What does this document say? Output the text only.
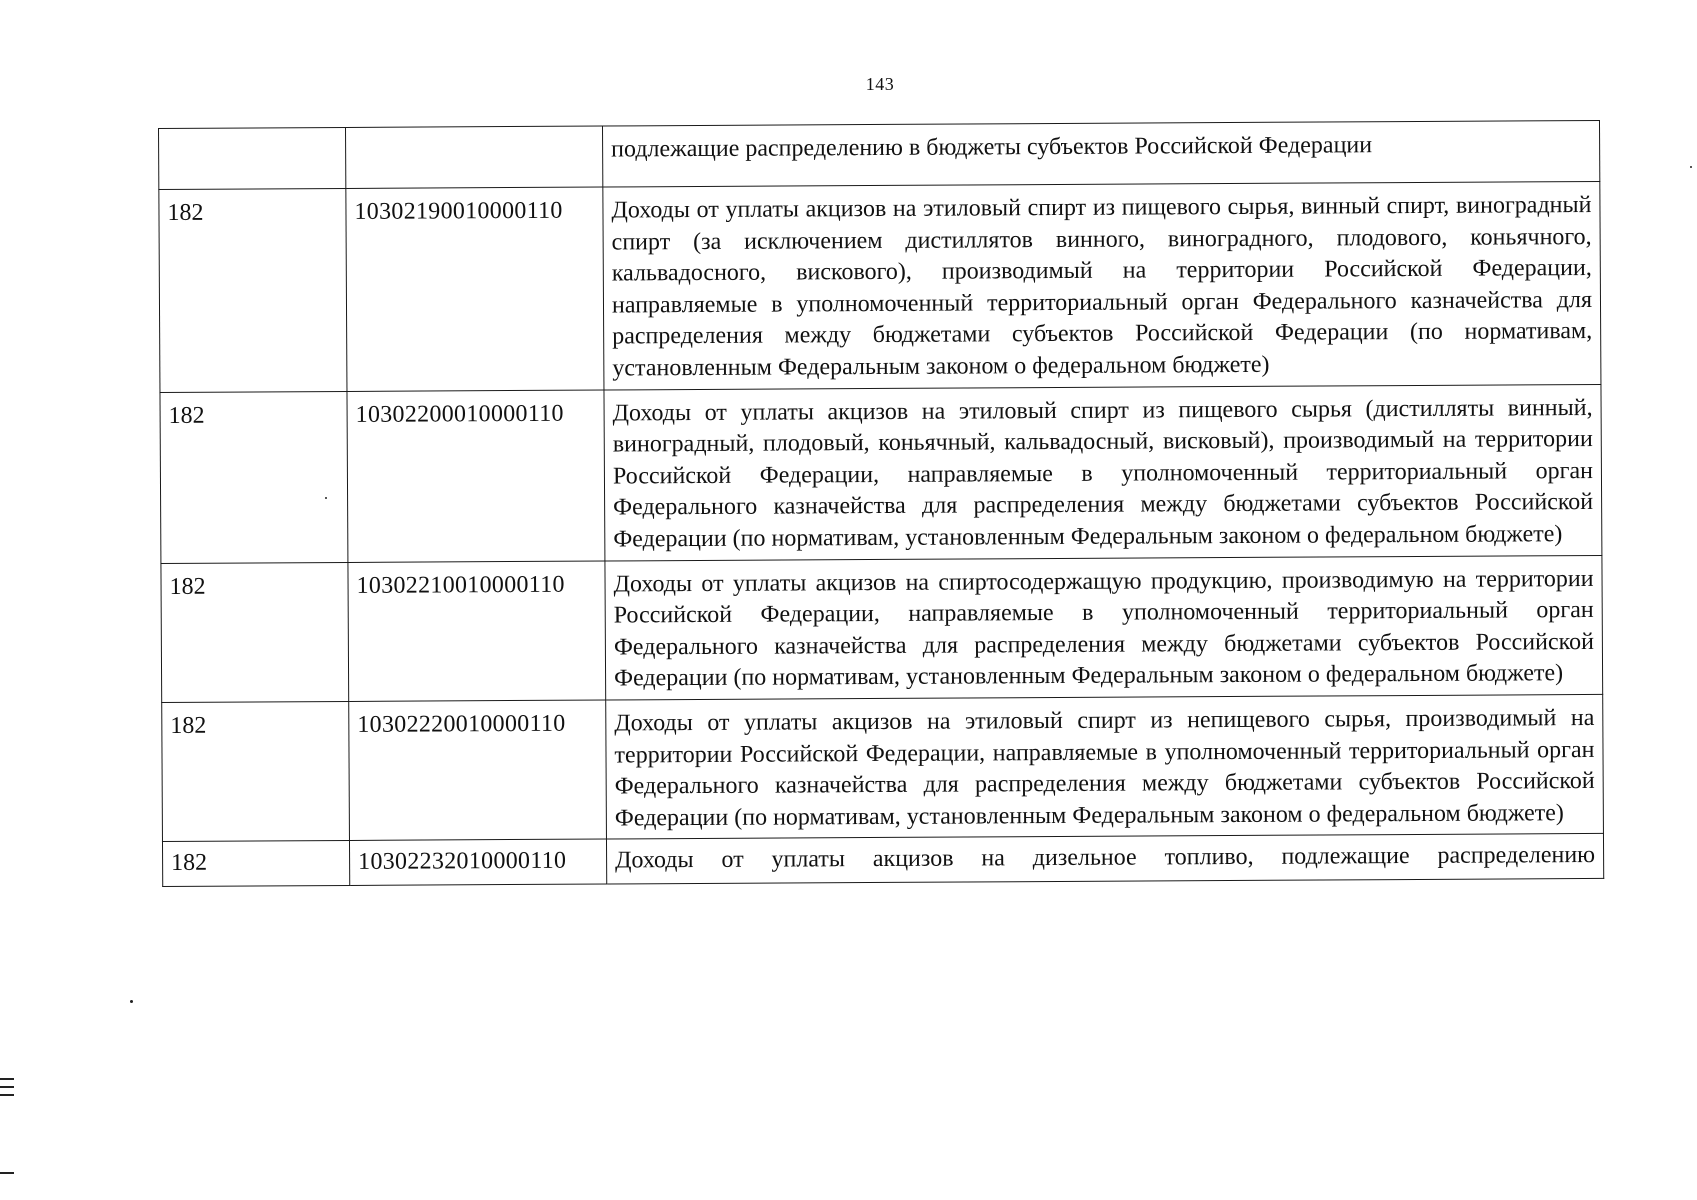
143
		подлежащие распределению в бюджеты субъектов Российской Федерации
182	10302190010000110	Доходы от уплаты акцизов на этиловый спирт из пищевого сырья, винный спирт, виноградный спирт (за исключением дистиллятов винного, виноградного, плодового, коньячного, кальвадосного, вискового), производимый на территории Российской Федерации, направляемые в уполномоченный территориальный орган Федерального казначейства для распределения между бюджетами субъектов Российской Федерации (по нормативам, установленным Федеральным законом о федеральном бюджете)
182	10302200010000110	Доходы от уплаты акцизов на этиловый спирт из пищевого сырья (дистилляты винный, виноградный, плодовый, коньячный, кальвадосный, висковый), производимый на территории Российской Федерации, направляемые в уполномоченный территориальный орган Федерального казначейства для распределения между бюджетами субъектов Российской Федерации (по нормативам, установленным Федеральным законом о федеральном бюджете)
182	10302210010000110	Доходы от уплаты акцизов на спиртосодержащую продукцию, производимую на территории Российской Федерации, направляемые в уполномоченный территориальный орган Федерального казначейства для распределения между бюджетами субъектов Российской Федерации (по нормативам, установленным Федеральным законом о федеральном бюджете)
182	10302220010000110	Доходы от уплаты акцизов на этиловый спирт из непищевого сырья, производимый на территории Российской Федерации, направляемые в уполномоченный территориальный орган Федерального казначейства для распределения между бюджетами субъектов Российской Федерации (по нормативам, установленным Федеральным законом о федеральном бюджете)
182	10302232010000110	Доходы от уплаты акцизов на дизельное топливо, подлежащие распределению
